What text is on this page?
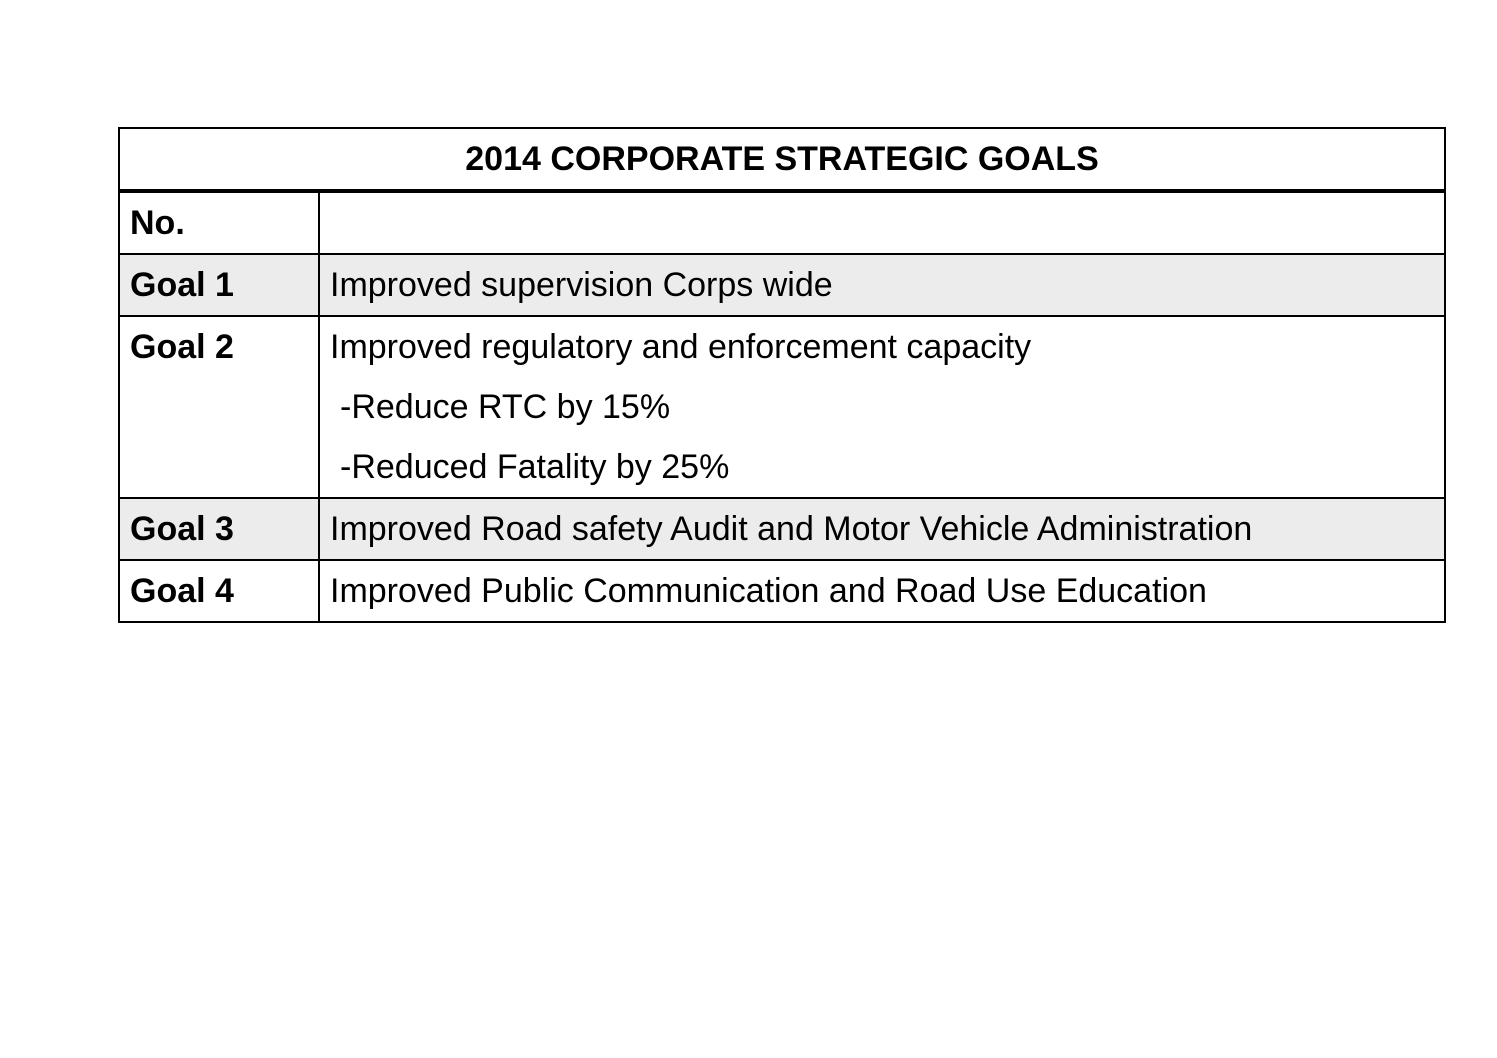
2014 CORPORATE STRATEGIC GOALS	
No.	
Goal 1	Improved supervision Corps wide
Goal 2	Improved regulatory and enforcement capacity
-Reduce RTC by 15%
-Reduced Fatality by 25%

Goal 3	Improved Road safety Audit and Motor Vehicle Administration
Goal 4	Improved Public Communication and Road Use Education
